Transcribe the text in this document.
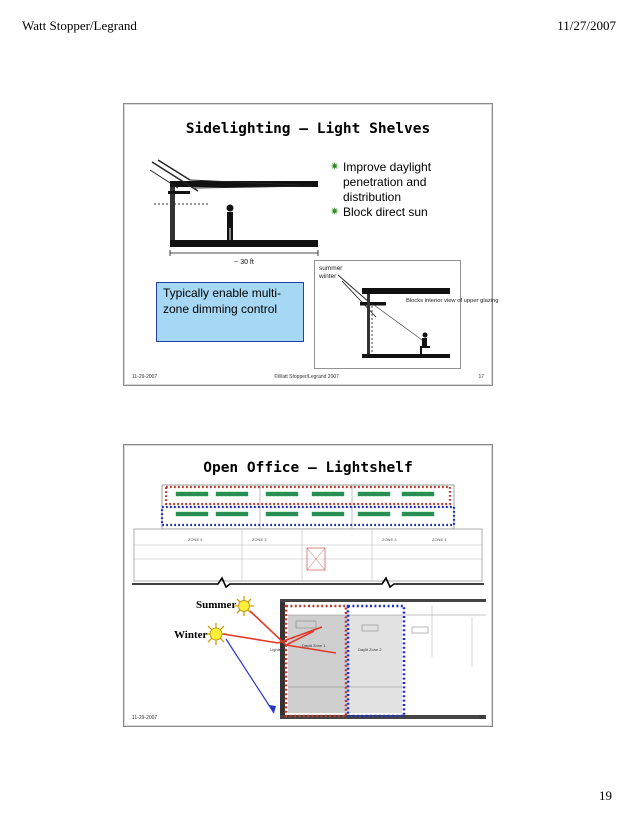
Watt Stopper/Legrand	11/27/2007
Sidelighting – Light Shelves
~ 30 ft
✷ Improve daylight penetration and distribution
✷ Block direct sun
summer
winter
Blocks interior view of upper glazing
Typically enable multi-zone dimming control
11-29-2007	©Watt Stopper/Legrand 2007	17
Open Office – Lightshelf
ZONE 4	ZONE 3	ZONE 3	ZONE 4
Daylit Zone 1
Daylit Zone 2
Lightshelf
Summer
Winter
11-29-2007	18
19
